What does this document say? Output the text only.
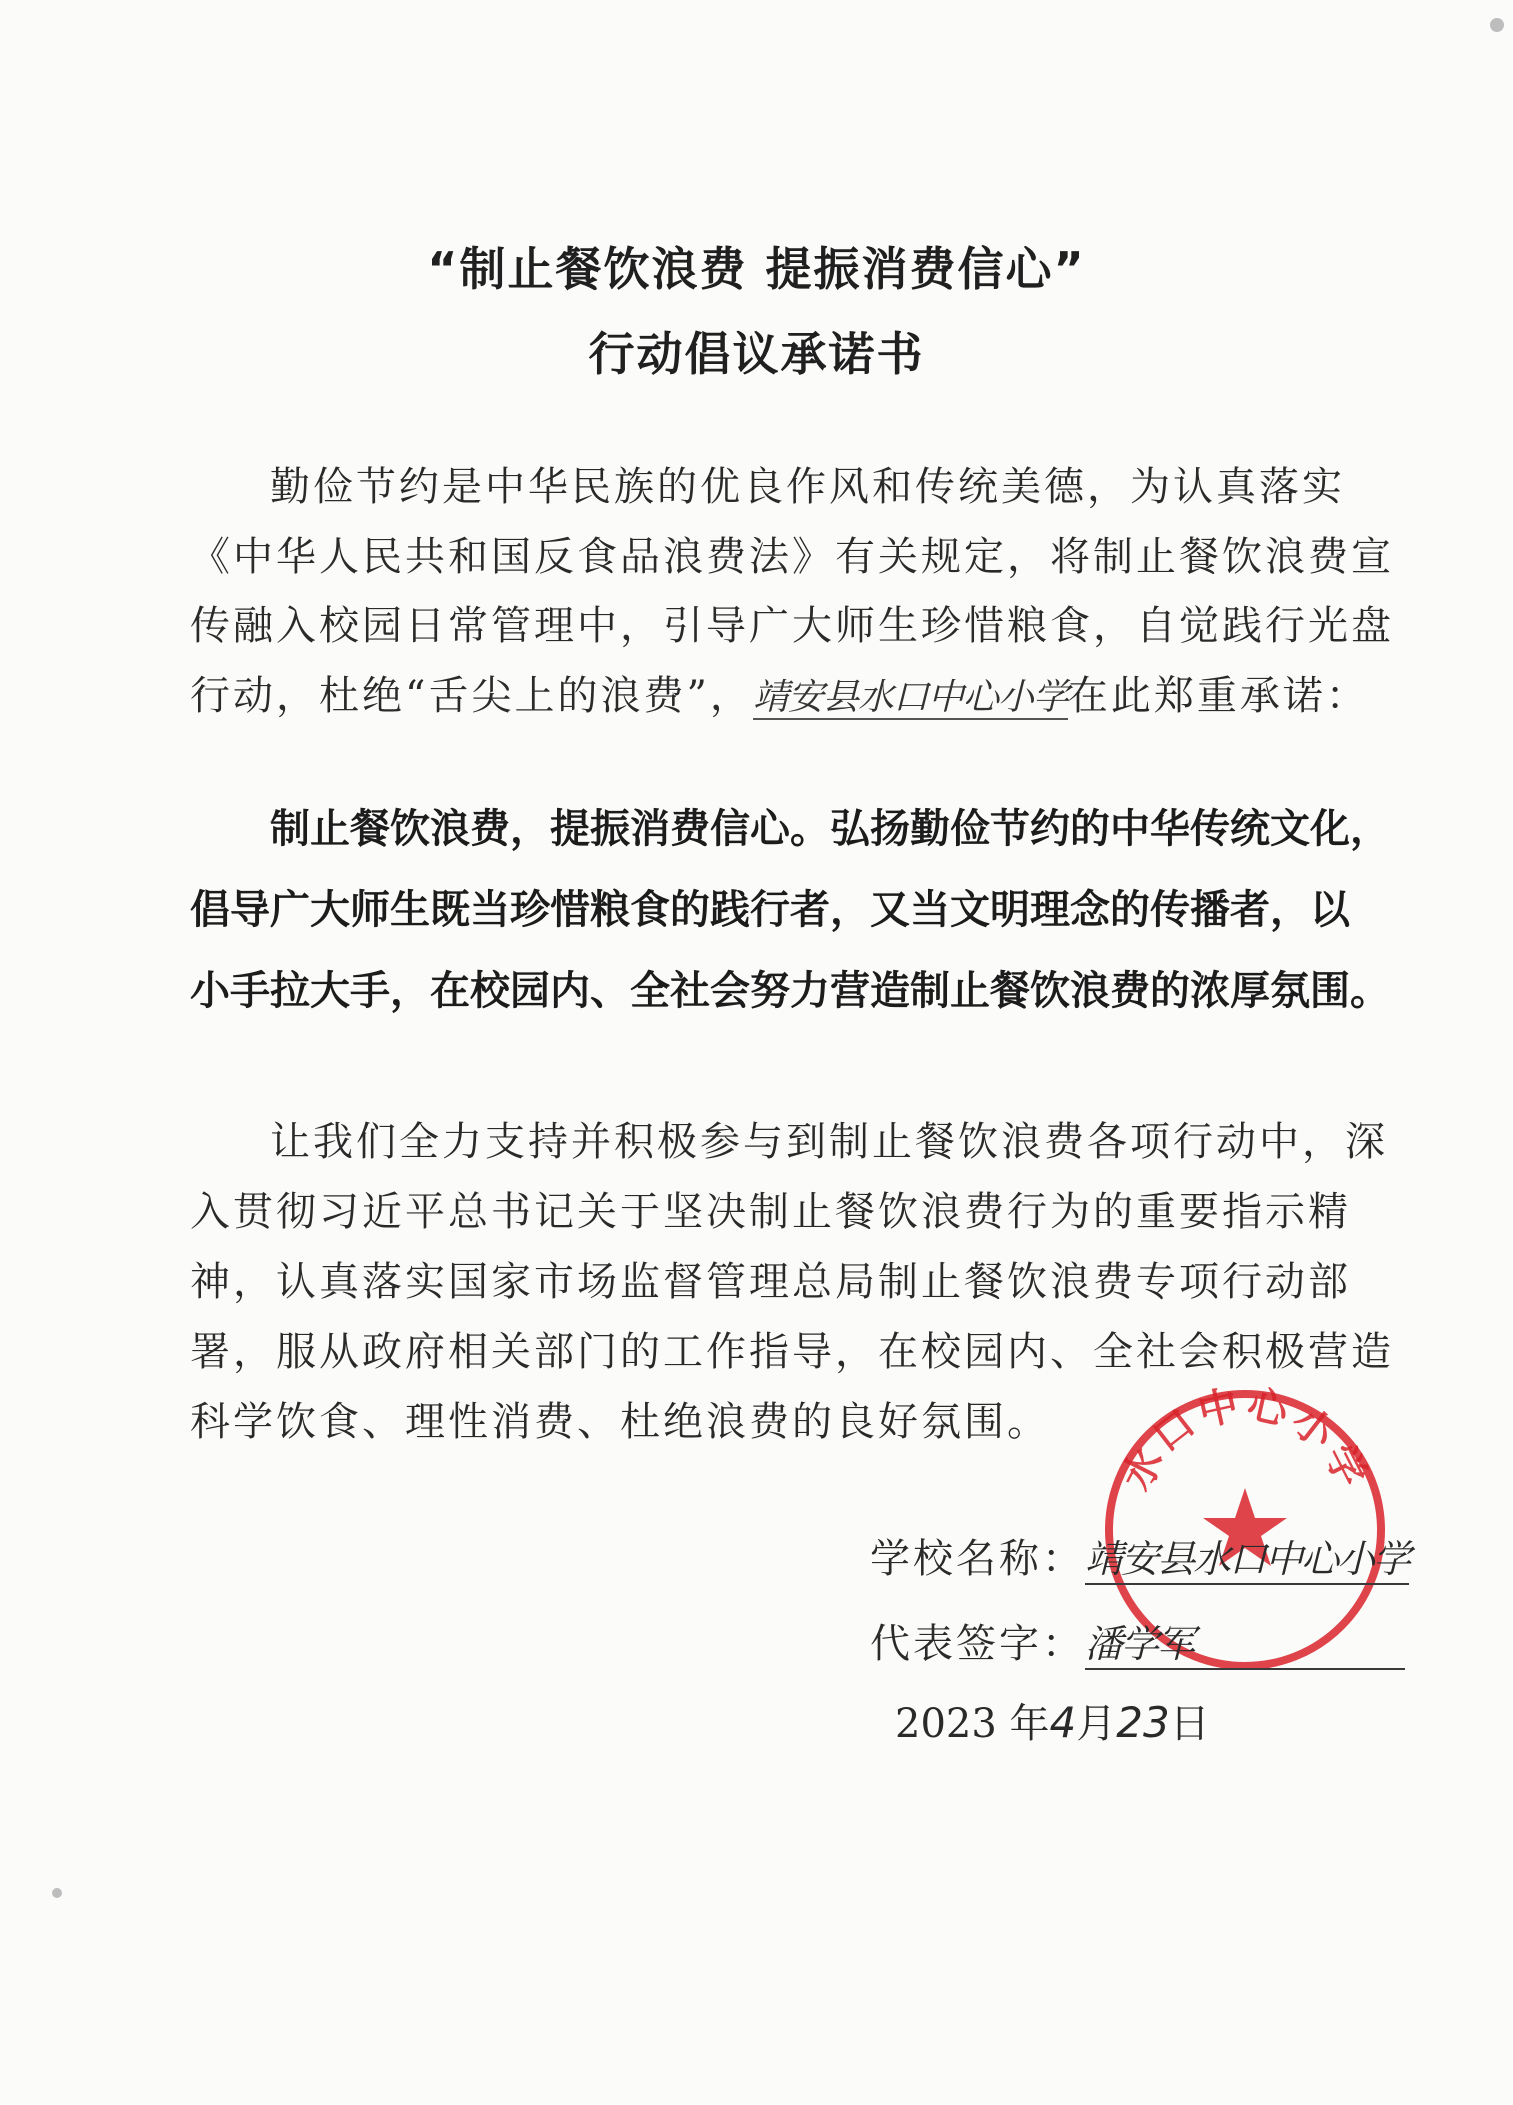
“制止餐饮浪费 提振消费信心”
行动倡议承诺书
勤俭节约是中华民族的优良作风和传统美德，为认真落实
《中华人民共和国反食品浪费法》有关规定，将制止餐饮浪费宣
传融入校园日常管理中，引导广大师生珍惜粮食，自觉践行光盘
行动，杜绝“舌尖上的浪费”，靖安县水口中心小学在此郑重承诺：
制止餐饮浪费，提振消费信心。弘扬勤俭节约的中华传统文化，
倡导广大师生既当珍惜粮食的践行者，又当文明理念的传播者，以
小手拉大手，在校园内、全社会努力营造制止餐饮浪费的浓厚氛围。
让我们全力支持并积极参与到制止餐饮浪费各项行动中，深
入贯彻习近平总书记关于坚决制止餐饮浪费行为的重要指示精
神，认真落实国家市场监督管理总局制止餐饮浪费专项行动部
署，服从政府相关部门的工作指导，在校园内、全社会积极营造
科学饮食、理性消费、杜绝浪费的良好氛围。
水口中心小学
学校名称：靖安县水口中心小学
代表签字：潘学军
2023 年4月23日
